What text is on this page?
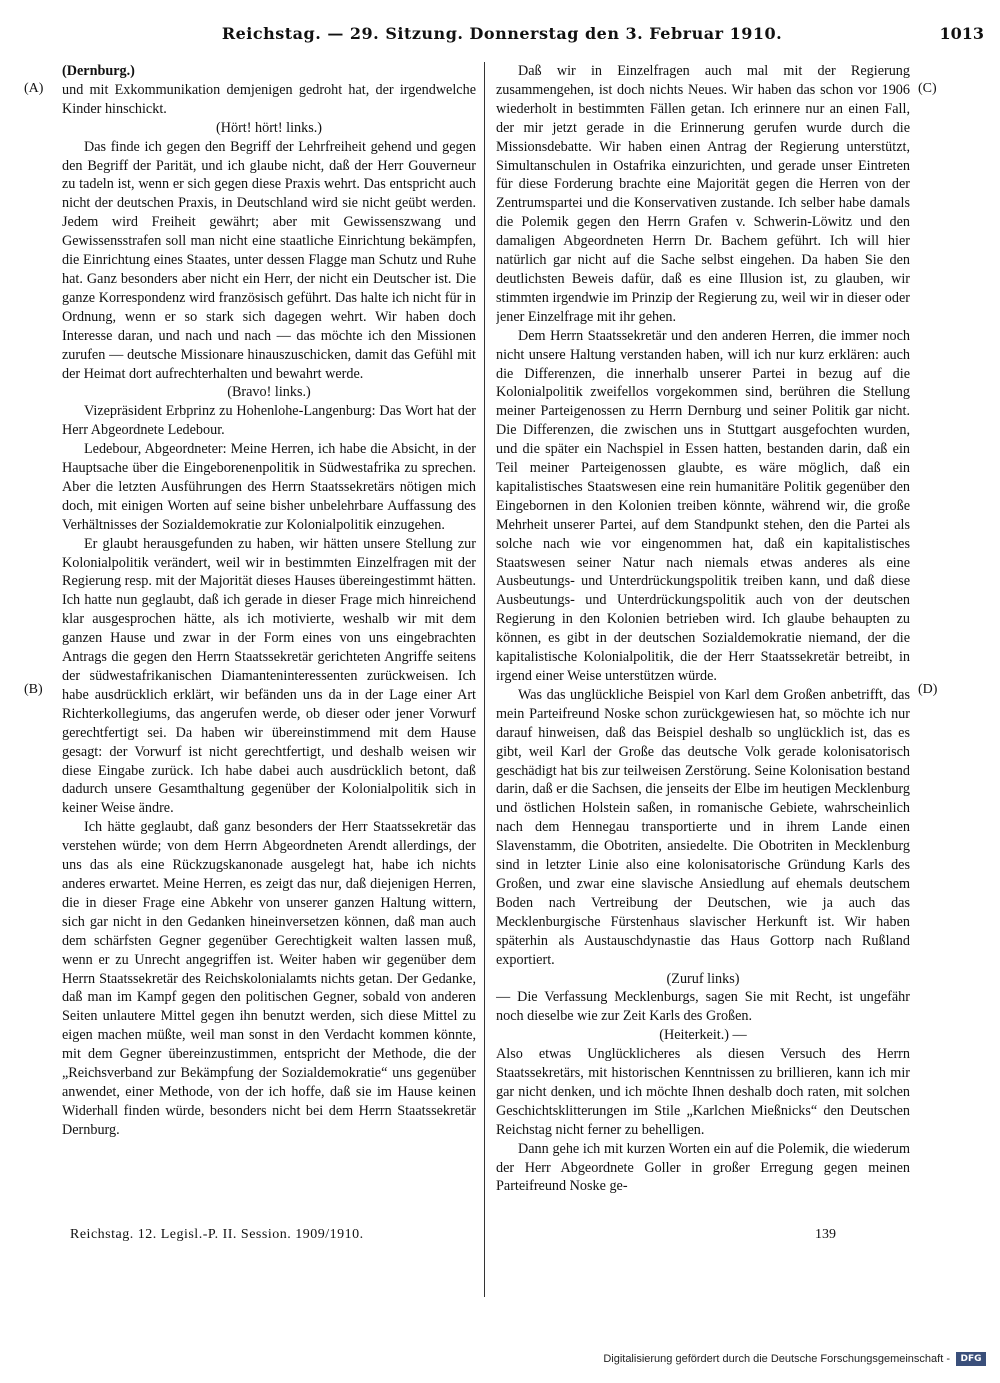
Reichstag. — 29. Sitzung. Donnerstag den 3. Februar 1910.	1013
(A)
(B)
(C)
(D)

(Dernburg.)

und mit Exkommunikation demjenigen gedroht hat, der irgendwelche Kinder hinschickt.

(Hört! hört! links.)

Das finde ich gegen den Begriff der Lehrfreiheit gehend und gegen den Begriff der Parität, und ich glaube nicht, daß der Herr Gouverneur zu tadeln ist, wenn er sich gegen diese Praxis wehrt. Das entspricht auch nicht der deutschen Praxis, in Deutschland wird sie nicht geübt werden. Jedem wird Freiheit gewährt; aber mit Gewissenszwang und Gewissensstrafen soll man nicht eine staatliche Einrichtung bekämpfen, die Einrichtung eines Staates, unter dessen Flagge man Schutz und Ruhe hat. Ganz besonders aber nicht ein Herr, der nicht ein Deutscher ist. Die ganze Korrespondenz wird französisch geführt. Das halte ich nicht für in Ordnung, wenn er so stark sich dagegen wehrt. Wir haben doch Interesse daran, und nach und nach — das möchte ich den Missionen zurufen — deutsche Missionare hinauszuschicken, damit das Gefühl mit der Heimat dort aufrechterhalten und bewahrt werde.

(Bravo! links.)

Vizepräsident Erbprinz zu Hohenlohe-Langenburg: Das Wort hat der Herr Abgeordnete Ledebour.

Ledebour, Abgeordneter: Meine Herren, ich habe die Absicht, in der Hauptsache über die Eingeborenenpolitik in Südwestafrika zu sprechen. Aber die letzten Ausführungen des Herrn Staatssekretärs nötigen mich doch, mit einigen Worten auf seine bisher unbelehrbare Auffassung des Verhältnisses der Sozialdemokratie zur Kolonialpolitik einzugehen.

Er glaubt herausgefunden zu haben, wir hätten unsere Stellung zur Kolonialpolitik verändert, weil wir in bestimmten Einzelfragen mit der Regierung resp. mit der Majorität dieses Hauses übereingestimmt hätten. Ich hatte nun geglaubt, daß ich gerade in dieser Frage mich hinreichend klar ausgesprochen hätte, als ich motivierte, weshalb wir mit dem ganzen Hause und zwar in der Form eines von uns eingebrachten Antrags die gegen den Herrn Staatssekretär gerichteten Angriffe seitens der südwestafrikanischen Diamanteninteressenten zurückweisen. Ich habe ausdrücklich erklärt, wir befänden uns da in der Lage einer Art Richterkollegiums, das angerufen werde, ob dieser oder jener Vorwurf gerechtfertigt sei. Da haben wir übereinstimmend mit dem Hause gesagt: der Vorwurf ist nicht gerechtfertigt, und deshalb weisen wir diese Eingabe zurück. Ich habe dabei auch ausdrücklich betont, daß dadurch unsere Gesamthaltung gegenüber der Kolonialpolitik sich in keiner Weise ändre.

Ich hätte geglaubt, daß ganz besonders der Herr Staatssekretär das verstehen würde; von dem Herrn Abgeordneten Arendt allerdings, der uns das als eine Rückzugskanonade ausgelegt hat, habe ich nichts anderes erwartet. Meine Herren, es zeigt das nur, daß diejenigen Herren, die in dieser Frage eine Abkehr von unserer ganzen Haltung wittern, sich gar nicht in den Gedanken hineinversetzen können, daß man auch dem schärfsten Gegner gegenüber Gerechtigkeit walten lassen muß, wenn er zu Unrecht angegriffen ist. Weiter haben wir gegenüber dem Herrn Staatssekretär des Reichskolonialamts nichts getan. Der Gedanke, daß man im Kampf gegen den politischen Gegner, sobald von anderen Seiten unlautere Mittel gegen ihn benutzt werden, sich diese Mittel zu eigen machen müßte, weil man sonst in den Verdacht kommen könnte, mit dem Gegner übereinzustimmen, entspricht der Methode, die der „Reichsverband zur Bekämpfung der Sozialdemokratie“ uns gegenüber anwendet, einer Methode, von der ich hoffe, daß sie im Hause keinen Widerhall finden würde, besonders nicht bei dem Herrn Staatssekretär Dernburg.

Daß wir in Einzelfragen auch mal mit der Regierung zusammengehen, ist doch nichts Neues. Wir haben das schon vor 1906 wiederholt in bestimmten Fällen getan. Ich erinnere nur an einen Fall, der mir jetzt gerade in die Erinnerung gerufen wurde durch die Missionsdebatte. Wir haben einen Antrag der Regierung unterstützt, Simultanschulen in Ostafrika einzurichten, und gerade unser Eintreten für diese Forderung brachte eine Majorität gegen die Herren von der Zentrumspartei und die Konservativen zustande. Ich selber habe damals die Polemik gegen den Herrn Grafen v. Schwerin-Löwitz und den damaligen Abgeordneten Herrn Dr. Bachem geführt. Ich will hier natürlich gar nicht auf die Sache selbst eingehen. Da haben Sie den deutlichsten Beweis dafür, daß es eine Illusion ist, zu glauben, wir stimmten irgendwie im Prinzip der Regierung zu, weil wir in dieser oder jener Einzelfrage mit ihr gehen.

Dem Herrn Staatssekretär und den anderen Herren, die immer noch nicht unsere Haltung verstanden haben, will ich nur kurz erklären: auch die Differenzen, die innerhalb unserer Partei in bezug auf die Kolonialpolitik zweifellos vorgekommen sind, berühren die Stellung meiner Parteigenossen zu Herrn Dernburg und seiner Politik gar nicht. Die Differenzen, die zwischen uns in Stuttgart ausgefochten wurden, und die später ein Nachspiel in Essen hatten, bestanden darin, daß ein Teil meiner Parteigenossen glaubte, es wäre möglich, daß ein kapitalistisches Staatswesen eine rein humanitäre Politik gegenüber den Eingebornen in den Kolonien treiben könnte, während wir, die große Mehrheit unserer Partei, auf dem Standpunkt stehen, den die Partei als solche nach wie vor eingenommen hat, daß ein kapitalistisches Staatswesen seiner Natur nach niemals etwas anderes als eine Ausbeutungs- und Unterdrückungspolitik treiben kann, und daß diese Ausbeutungs- und Unterdrückungspolitik auch von der deutschen Regierung in den Kolonien betrieben wird. Ich glaube behaupten zu können, es gibt in der deutschen Sozialdemokratie niemand, der die kapitalistische Kolonialpolitik, die der Herr Staatssekretär betreibt, in irgend einer Weise unterstützen würde.

Was das unglückliche Beispiel von Karl dem Großen anbetrifft, das mein Parteifreund Noske schon zurückgewiesen hat, so möchte ich nur darauf hinweisen, daß das Beispiel deshalb so unglücklich ist, das es gibt, weil Karl der Große das deutsche Volk gerade kolonisatorisch geschädigt hat bis zur teilweisen Zerstörung. Seine Kolonisation bestand darin, daß er die Sachsen, die jenseits der Elbe im heutigen Mecklenburg und östlichen Holstein saßen, in romanische Gebiete, wahrscheinlich nach dem Hennegau transportierte und in ihrem Lande einen Slavenstamm, die Obotriten, ansiedelte. Die Obotriten in Mecklenburg sind in letzter Linie also eine kolonisatorische Gründung Karls des Großen, und zwar eine slavische Ansiedlung auf ehemals deutschem Boden nach Vertreibung der Deutschen, wie ja auch das Mecklenburgische Fürstenhaus slavischer Herkunft ist. Wir haben späterhin als Austauschdynastie das Haus Gottorp nach Rußland exportiert.

(Zuruf links)

— Die Verfassung Mecklenburgs, sagen Sie mit Recht, ist ungefähr noch dieselbe wie zur Zeit Karls des Großen.

(Heiterkeit.) —

Also etwas Unglücklicheres als diesen Versuch des Herrn Staatssekretärs, mit historischen Kenntnissen zu brillieren, kann ich mir gar nicht denken, und ich möchte Ihnen deshalb doch raten, mit solchen Geschichtsklitterungen im Stile „Karlchen Mießnicks“ den Deutschen Reichstag nicht ferner zu behelligen.

Dann gehe ich mit kurzen Worten ein auf die Polemik, die wiederum der Herr Abgeordnete Goller in großer Erregung gegen meinen Parteifreund Noske ge-

Reichstag. 12. Legisl.-P. II. Session. 1909/1910.	139
Digitalisierung gefördert durch die Deutsche Forschungsgemeinschaft -	DFG
